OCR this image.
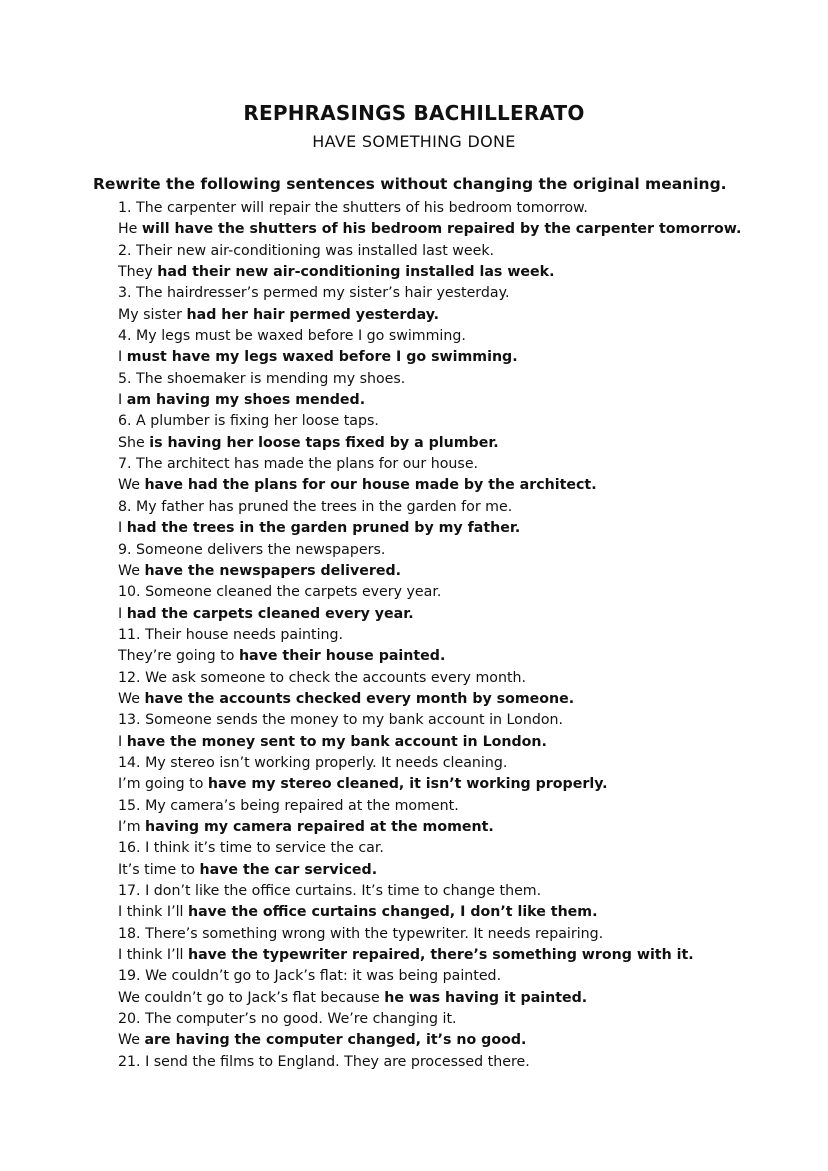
REPHRASINGS BACHILLERATO
HAVE SOMETHING DONE
Rewrite the following sentences without changing the original meaning.
1. The carpenter will repair the shutters of his bedroom tomorrow.
He will have the shutters of his bedroom repaired by the carpenter tomorrow.
2. Their new air-conditioning was installed last week.
They had their new air-conditioning installed las week.
3. The hairdresser’s permed my sister’s hair yesterday.
My sister had her hair permed yesterday.
4. My legs must be waxed before I go swimming.
I must have my legs waxed before I go swimming.
5. The shoemaker is mending my shoes.
I am having my shoes mended.
6. A plumber is fixing her loose taps.
She is having her loose taps fixed by a plumber.
7. The architect has made the plans for our house.
We have had the plans for our house made by the architect.
8. My father has pruned the trees in the garden for me.
I had the trees in the garden pruned by my father.
9. Someone delivers the newspapers.
We have the newspapers delivered.
10. Someone cleaned the carpets every year.
I had the carpets cleaned every year.
11. Their house needs painting.
They’re going to have their house painted.
12. We ask someone to check the accounts every month.
We have the accounts checked every month by someone.
13. Someone sends the money to my bank account in London.
I have the money sent to my bank account in London.
14. My stereo isn’t working properly. It needs cleaning.
I’m going to have my stereo cleaned, it isn’t working properly.
15. My camera’s being repaired at the moment.
I’m having my camera repaired at the moment.
16. I think it’s time to service the car.
It’s time to have the car serviced.
17. I don’t like the office curtains. It’s time to change them.
I think I’ll have the office curtains changed, I don’t like them.
18. There’s something wrong with the typewriter. It needs repairing.
I think I’ll have the typewriter repaired, there’s something wrong with it.
19. We couldn’t go to Jack’s flat: it was being painted.
We couldn’t go to Jack’s flat because he was having it painted.
20. The computer’s no good. We’re changing it.
We are having the computer changed, it’s no good.
21. I send the films to England. They are processed there.
